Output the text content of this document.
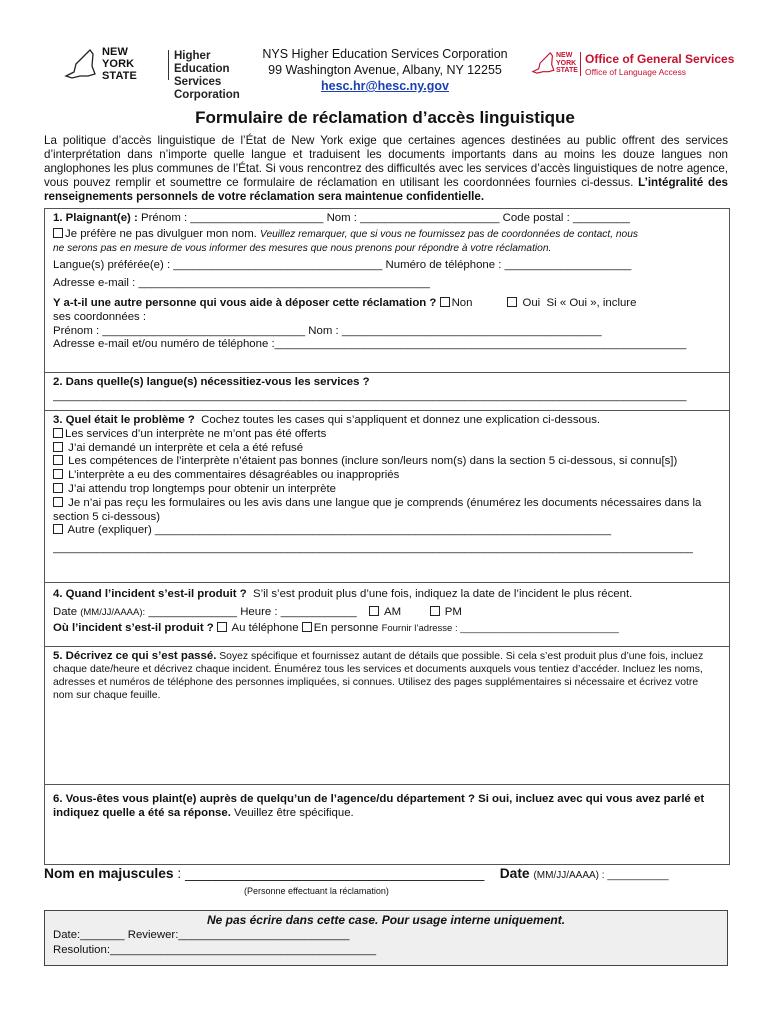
NEW YORK STATE
Higher Education
Services Corporation
NYS Higher Education Services Corporation
99 Washington Avenue, Albany, NY 12255
hesc.hr@hesc.ny.gov
NEW YORK STATE
Office of General Services
Office of Language Access
Formulaire de réclamation d’accès linguistique
La politique d’accès linguistique de l’État de New York exige que certaines agences destinées au public offrent des services d’interprétation dans n’importe quelle langue et traduisent les documents importants dans au moins les douze langues non anglophones les plus communes de l’État. Si vous rencontrez des difficultés avec les services d’accès linguistiques de notre agence, vous pouvez remplir et soumettre ce formulaire de réclamation en utilisant les coordonnées fournies ci-dessus. L’intégralité des renseignements personnels de votre réclamation sera maintenue confidentielle.
1. Plaignant(e) : Prénom : _____________________ Nom : ______________________ Code postal : _________
Je préfère ne pas divulguer mon nom. Veuillez remarquer, que si vous ne fournissez pas de coordonnées de contact, nous
ne serons pas en mesure de vous informer des mesures que nous prenons pour répondre à votre réclamation.
Langue(s) préférée(e) : _________________________________ Numéro de téléphone : ____________________
Adresse e-mail : ______________________________________________
Y a-t-il une autre personne qui vous aide à déposer cette réclamation ? Non	Oui Si « Oui », inclure
ses coordonnées :
Prénom : ________________________________ Nom : _________________________________________
Adresse e-mail et/ou numéro de téléphone :_________________________________________________________________
2. Dans quelle(s) langue(s) nécessitiez-vous les services ?
____________________________________________________________________________________________________
3. Quel était le problème ? Cochez toutes les cases qui s’appliquent et donnez une explication ci-dessous.
Les services d’un interprète ne m’ont pas été offerts
J’ai demandé un interprète et cela a été refusé
Les compétences de l’interprète n’étaient pas bonnes (inclure son/leurs nom(s) dans la section 5 ci-dessous, si connu[s])
L’interprète a eu des commentaires désagréables ou inappropriés
J’ai attendu trop longtemps pour obtenir un interprète
Je n’ai pas reçu les formulaires ou les avis dans une langue que je comprends (énumérez les documents nécessaires dans la section 5 ci-dessous)
Autre (expliquer) ________________________________________________________________________
_____________________________________________________________________________________________________
4. Quand l’incident s’est-il produit ? S’il s’est produit plus d’une fois, indiquez la date de l’incident le plus récent.
Date (MM/JJ/AAAA): ______________ Heure : ____________ AM	PM
Où l’incident s’est-il produit ? Au téléphone En personne Fournir l’adresse : ______________________________
5. Décrivez ce qui s’est passé. Soyez spécifique et fournissez autant de détails que possible. Si cela s’est produit plus d’une fois, incluez chaque date/heure et décrivez chaque incident. Énumérez tous les services et documents auxquels vous tentiez d’accéder. Incluez les noms, adresses et numéros de téléphone des personnes impliquées, si connues. Utilisez des pages supplémentaires si nécessaire et écrivez votre nom sur chaque feuille.
6. Vous-êtes vous plaint(e) auprès de quelqu’un de l’agence/du département ? Si oui, incluez avec qui vous avez parlé et indiquez quelle a été sa réponse. Veuillez être spécifique.
Nom en majuscules : _______________________________________ Date (MM/JJ/AAAA) : ___________
(Personne effectuant la réclamation)
Ne pas écrire dans cette case. Pour usage interne uniquement.
Date:_______ Reviewer:___________________________
Resolution:__________________________________________
